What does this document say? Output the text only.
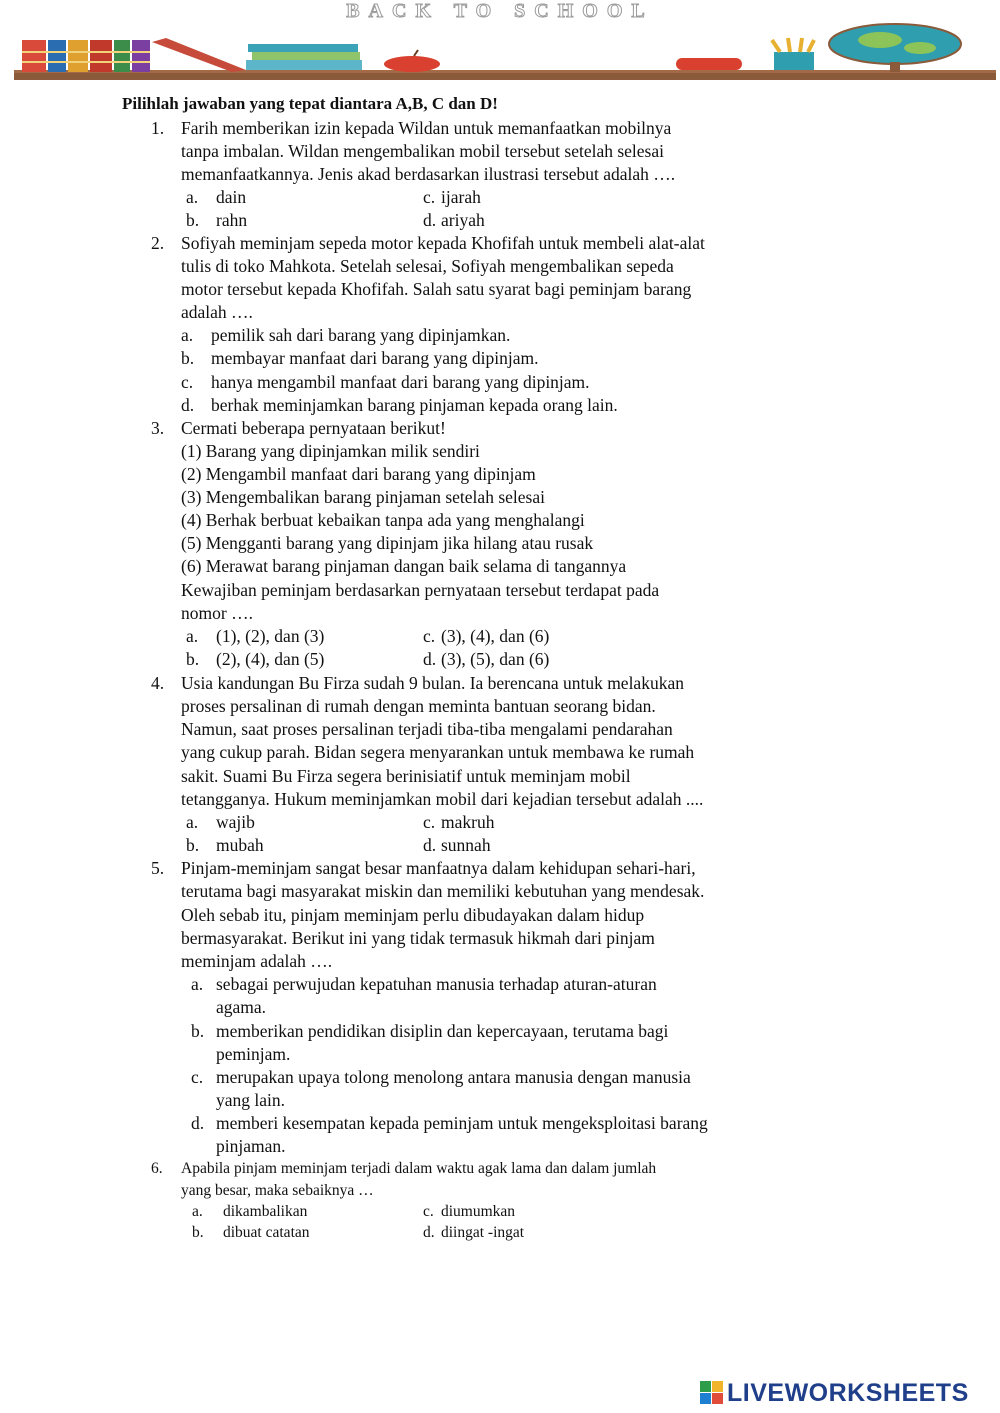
BACK TO SCHOOL
Pilihlah jawaban yang tepat diantara A,B, C dan D!
1. Farih memberikan izin kepada Wildan untuk memanfaatkan mobilnya
tanpa imbalan. Wildan mengembalikan mobil tersebut setelah selesai
memanfaatkannya. Jenis akad berdasarkan ilustrasi tersebut adalah ….
a. dain	c. ijarah
b. rahn	d. ariyah
2. Sofiyah meminjam sepeda motor kepada Khofifah untuk membeli alat-alat
tulis di toko Mahkota. Setelah selesai, Sofiyah mengembalikan sepeda
motor tersebut kepada Khofifah. Salah satu syarat bagi peminjam barang
adalah ….
a. pemilik sah dari barang yang dipinjamkan.
b. membayar manfaat dari barang yang dipinjam.
c. hanya mengambil manfaat dari barang yang dipinjam.
d. berhak meminjamkan barang pinjaman kepada orang lain.
3. Cermati beberapa pernyataan berikut!
(1) Barang yang dipinjamkan milik sendiri
(2) Mengambil manfaat dari barang yang dipinjam
(3) Mengembalikan barang pinjaman setelah selesai
(4) Berhak berbuat kebaikan tanpa ada yang menghalangi
(5) Mengganti barang yang dipinjam jika hilang atau rusak
(6) Merawat barang pinjaman dangan baik selama di tangannya
Kewajiban peminjam berdasarkan pernyataan tersebut terdapat pada
nomor ….
a. (1), (2), dan (3)	c. (3), (4), dan (6)
b. (2), (4), dan (5)	d. (3), (5), dan (6)
4. Usia kandungan Bu Firza sudah 9 bulan. Ia berencana untuk melakukan
proses persalinan di rumah dengan meminta bantuan seorang bidan.
Namun, saat proses persalinan terjadi tiba-tiba mengalami pendarahan
yang cukup parah. Bidan segera menyarankan untuk membawa ke rumah
sakit. Suami Bu Firza segera berinisiatif untuk meminjam mobil
tetangganya. Hukum meminjamkan mobil dari kejadian tersebut adalah ....
a. wajib	c. makruh
b. mubah	d. sunnah
5. Pinjam-meminjam sangat besar manfaatnya dalam kehidupan sehari-hari,
terutama bagi masyarakat miskin dan memiliki kebutuhan yang mendesak.
Oleh sebab itu, pinjam meminjam perlu dibudayakan dalam hidup
bermasyarakat. Berikut ini yang tidak termasuk hikmah dari pinjam
meminjam adalah ….
a. sebagai perwujudan kepatuhan manusia terhadap aturan-aturan
agama.
b. memberikan pendidikan disiplin dan kepercayaan, terutama bagi
peminjam.
c. merupakan upaya tolong menolong antara manusia dengan manusia
yang lain.
d. memberi kesempatan kepada peminjam untuk mengeksploitasi barang
pinjaman.
6.	Apabila pinjam meminjam terjadi dalam waktu agak lama dan dalam jumlah
yang besar, maka sebaiknya …
a. dikambalikan	c. diumumkan
b. dibuat catatan	d. diingat -ingat
LIVEWORKSHEETS
